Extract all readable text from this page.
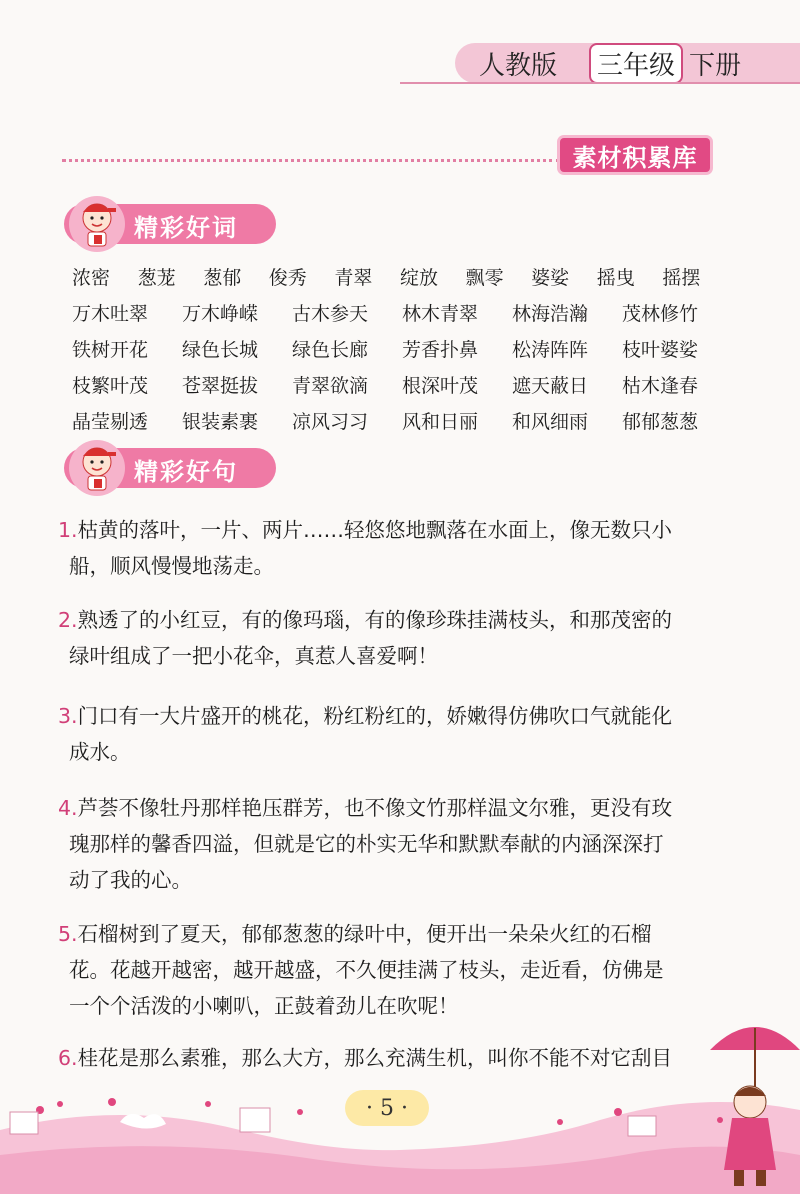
人教版	三年级 下册
素材积累库
精彩好词
浓密	葱茏	葱郁	俊秀	青翠	绽放	飘零	婆娑	摇曳	摇摆
万木吐翠	万木峥嵘	古木参天	林木青翠	林海浩瀚	茂林修竹
铁树开花	绿色长城	绿色长廊	芳香扑鼻	松涛阵阵	枝叶婆娑
枝繁叶茂	苍翠挺拔	青翠欲滴	根深叶茂	遮天蔽日	枯木逢春
晶莹剔透	银装素裹	凉风习习	风和日丽	和风细雨	郁郁葱葱
精彩好句
1.枯黄的落叶，一片、两片……轻悠悠地飘落在水面上，像无数只小
船，顺风慢慢地荡走。
2.熟透了的小红豆，有的像玛瑙，有的像珍珠挂满枝头，和那茂密的
绿叶组成了一把小花伞，真惹人喜爱啊！
3.门口有一大片盛开的桃花，粉红粉红的，娇嫩得仿佛吹口气就能化
成水。
4.芦荟不像牡丹那样艳压群芳，也不像文竹那样温文尔雅，更没有玫
瑰那样的馨香四溢，但就是它的朴实无华和默默奉献的内涵深深打
动了我的心。
5.石榴树到了夏天，郁郁葱葱的绿叶中，便开出一朵朵火红的石榴
花。花越开越密，越开越盛，不久便挂满了枝头，走近看，仿佛是
一个个活泼的小喇叭，正鼓着劲儿在吹呢！
6.桂花是那么素雅，那么大方，那么充满生机，叫你不能不对它刮目
· 5 ·
